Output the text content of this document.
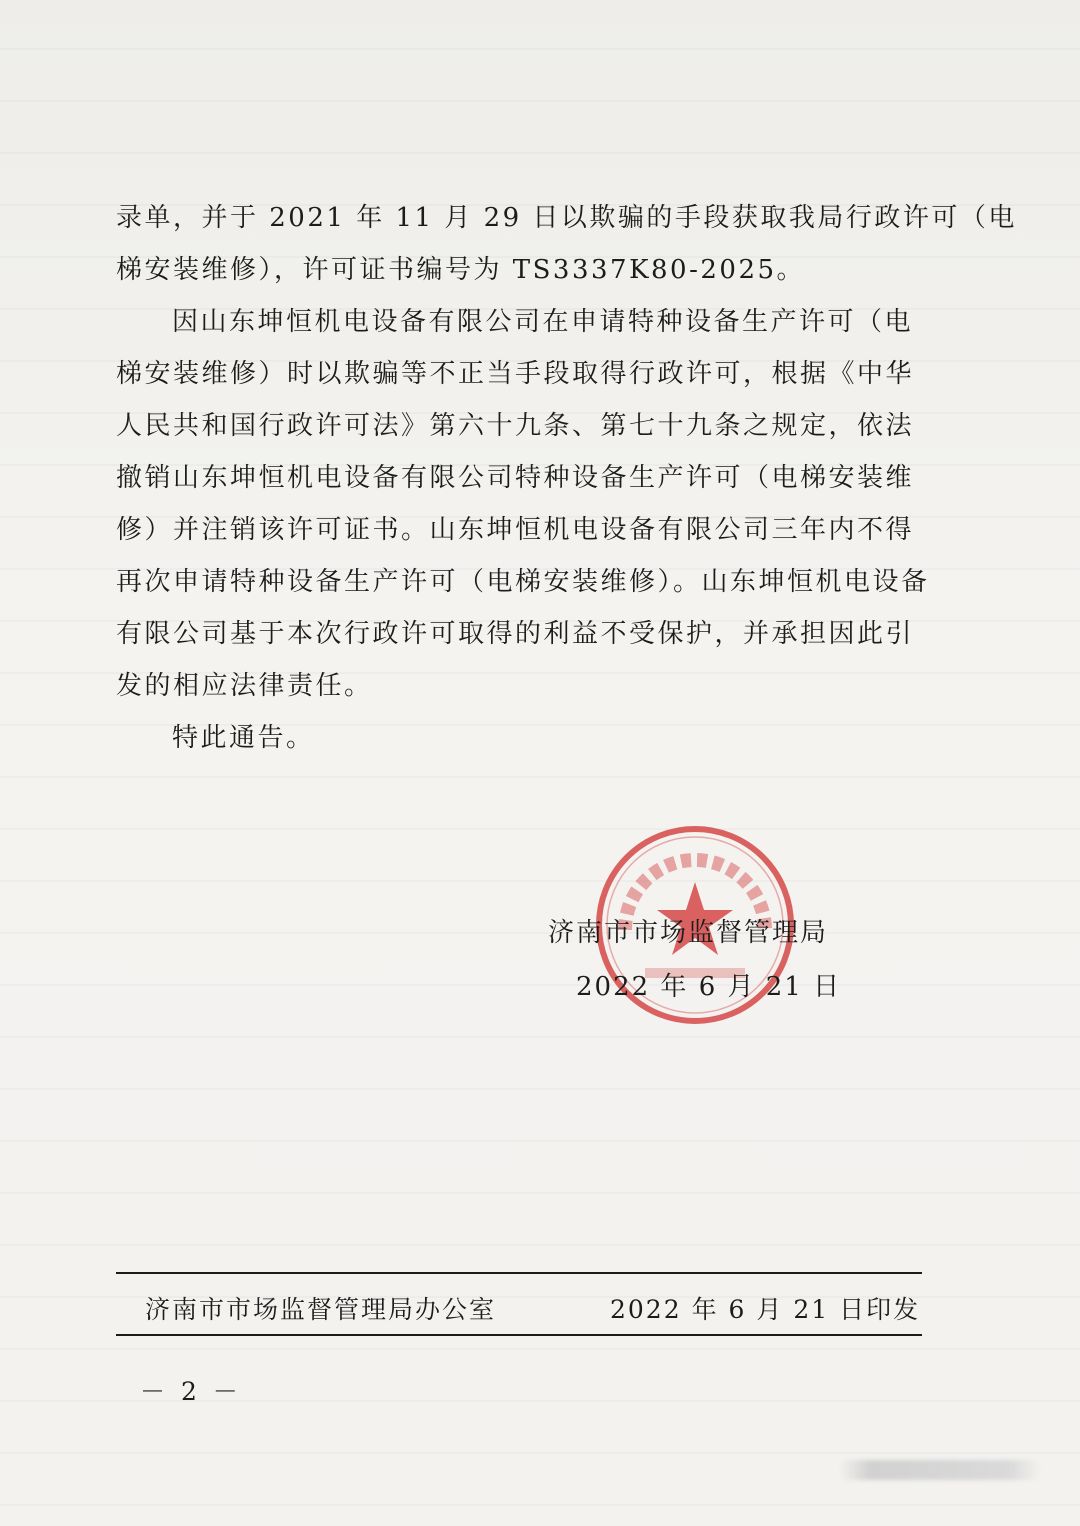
录单，并于 2021 年 11 月 29 日以欺骗的手段获取我局行政许可（电
梯安装维修），许可证书编号为 TS3337K80-2025。
因山东坤恒机电设备有限公司在申请特种设备生产许可（电
梯安装维修）时以欺骗等不正当手段取得行政许可，根据《中华
人民共和国行政许可法》第六十九条、第七十九条之规定，依法
撤销山东坤恒机电设备有限公司特种设备生产许可（电梯安装维
修）并注销该许可证书。山东坤恒机电设备有限公司三年内不得
再次申请特种设备生产许可（电梯安装维修）。山东坤恒机电设备
有限公司基于本次行政许可取得的利益不受保护，并承担因此引
发的相应法律责任。
特此通告。
济南市市场监督管理局
2022 年 6 月 21 日
济南市市场监督管理局办公室	2022 年 6 月 21 日印发
－ 2 －
